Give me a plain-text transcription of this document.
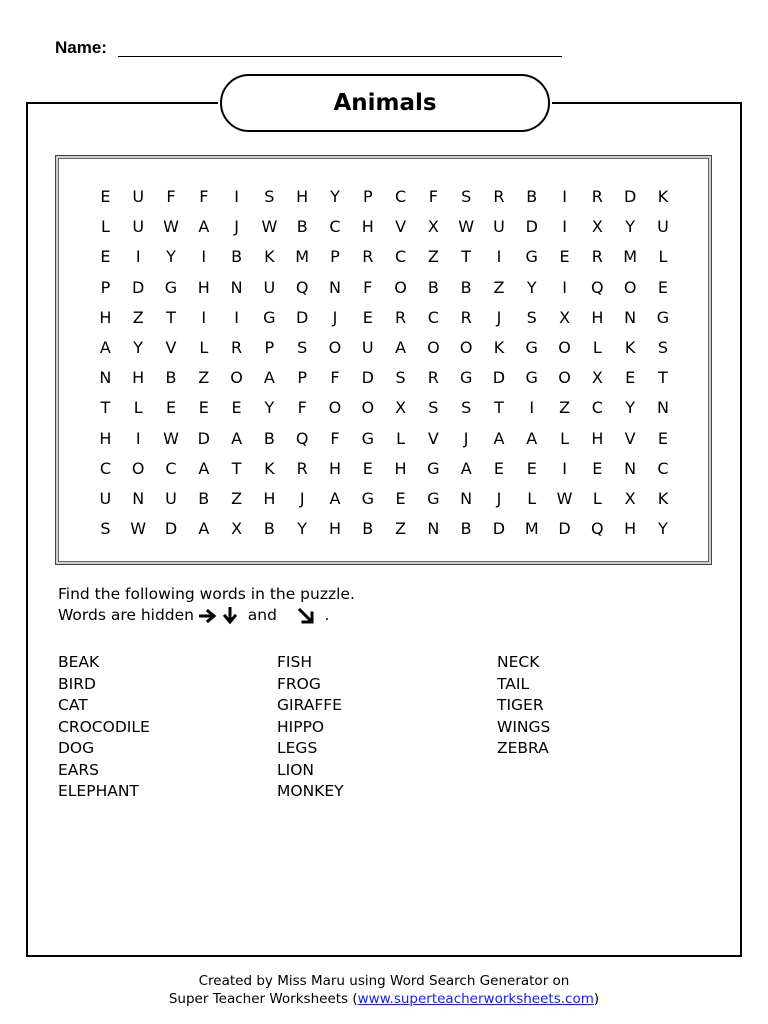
Name:
Animals
E	U	F	F	I	S	H	Y	P	C	F	S	R	B	I	R	D	K
L	U	W	A	J	W	B	C	H	V	X	W	U	D	I	X	Y	U
E	I	Y	I	B	K	M	P	R	C	Z	T	I	G	E	R	M	L
P	D	G	H	N	U	Q	N	F	O	B	B	Z	Y	I	Q	O	E
H	Z	T	I	I	G	D	J	E	R	C	R	J	S	X	H	N	G
A	Y	V	L	R	P	S	O	U	A	O	O	K	G	O	L	K	S
N	H	B	Z	O	A	P	F	D	S	R	G	D	G	O	X	E	T
T	L	E	E	E	Y	F	O	O	X	S	S	T	I	Z	C	Y	N
H	I	W	D	A	B	Q	F	G	L	V	J	A	A	L	H	V	E
C	O	C	A	T	K	R	H	E	H	G	A	E	E	I	E	N	C
U	N	U	B	Z	H	J	A	G	E	G	N	J	L	W	L	X	K
S	W	D	A	X	B	Y	H	B	Z	N	B	D	M	D	Q	H	Y
Find the following words in the puzzle.
Words are hidden

	and

	.
BEAK
BIRD
CAT
CROCODILE
DOG
EARS
ELEPHANT
FISH
FROG
GIRAFFE
HIPPO
LEGS
LION
MONKEY
NECK
TAIL
TIGER
WINGS
ZEBRA
Created by Miss Maru using Word Search Generator on
Super Teacher Worksheets (www.superteacherworksheets.com)
